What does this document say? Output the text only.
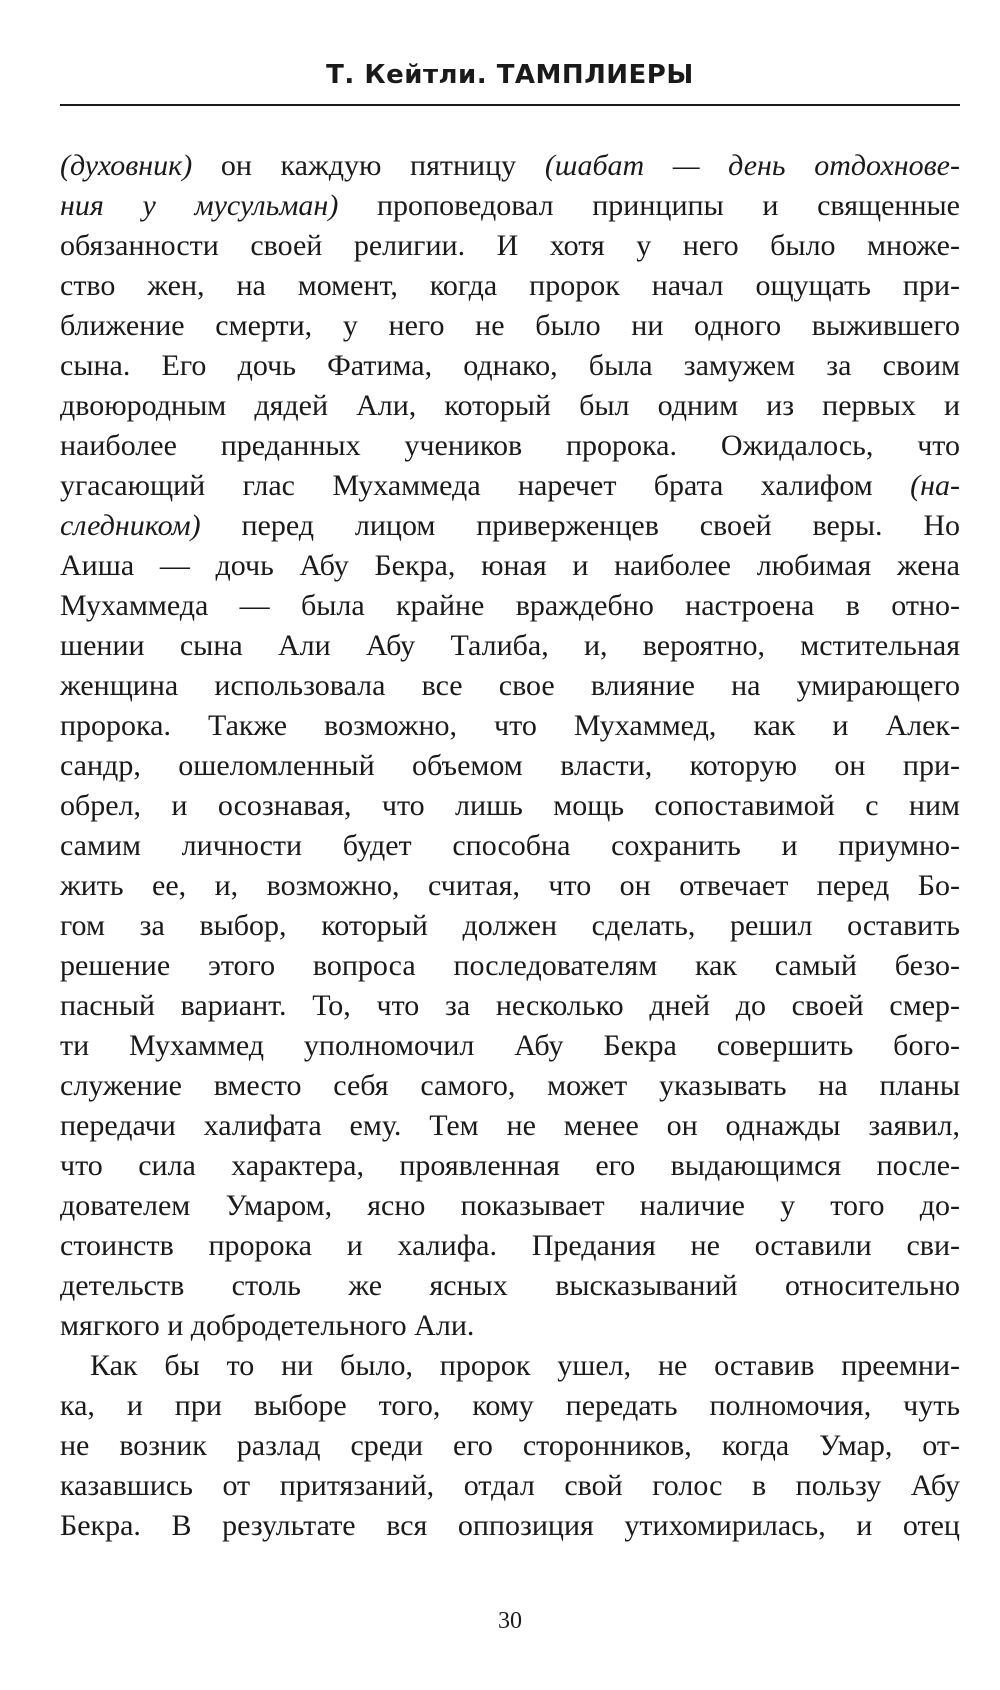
Т. Кейтли. ТАМПЛИЕРЫ
(духовник) он каждую пятницу (шабат — день отдохнове-
ния у мусульман) проповедовал принципы и священные
обязанности своей религии. И хотя у него было множе-
ство жен, на момент, когда пророк начал ощущать при-
ближение смерти, у него не было ни одного выжившего
сына. Его дочь Фатима, однако, была замужем за своим
двоюродным дядей Али, который был одним из первых и
наиболее преданных учеников пророка. Ожидалось, что
угасающий глас Мухаммеда наречет брата халифом (на-
следником) перед лицом приверженцев своей веры. Но
Аиша — дочь Абу Бекра, юная и наиболее любимая жена
Мухаммеда — была крайне враждебно настроена в отно-
шении сына Али Абу Талиба, и, вероятно, мстительная
женщина использовала все свое влияние на умирающего
пророка. Также возможно, что Мухаммед, как и Алек-
сандр, ошеломленный объемом власти, которую он при-
обрел, и осознавая, что лишь мощь сопоставимой с ним
самим личности будет способна сохранить и приумно-
жить ее, и, возможно, считая, что он отвечает перед Бо-
гом за выбор, который должен сделать, решил оставить
решение этого вопроса последователям как самый безо-
пасный вариант. То, что за несколько дней до своей смер-
ти Мухаммед уполномочил Абу Бекра совершить бого-
служение вместо себя самого, может указывать на планы
передачи халифата ему. Тем не менее он однажды заявил,
что сила характера, проявленная его выдающимся после-
дователем Умаром, ясно показывает наличие у того до-
стоинств пророка и халифа. Предания не оставили сви-
детельств столь же ясных высказываний относительно
мягкого и добродетельного Али.
Как бы то ни было, пророк ушел, не оставив преемни-
ка, и при выборе того, кому передать полномочия, чуть
не возник разлад среди его сторонников, когда Умар, от-
казавшись от притязаний, отдал свой голос в пользу Абу
Бекра. В результате вся оппозиция утихомирилась, и отец
30
